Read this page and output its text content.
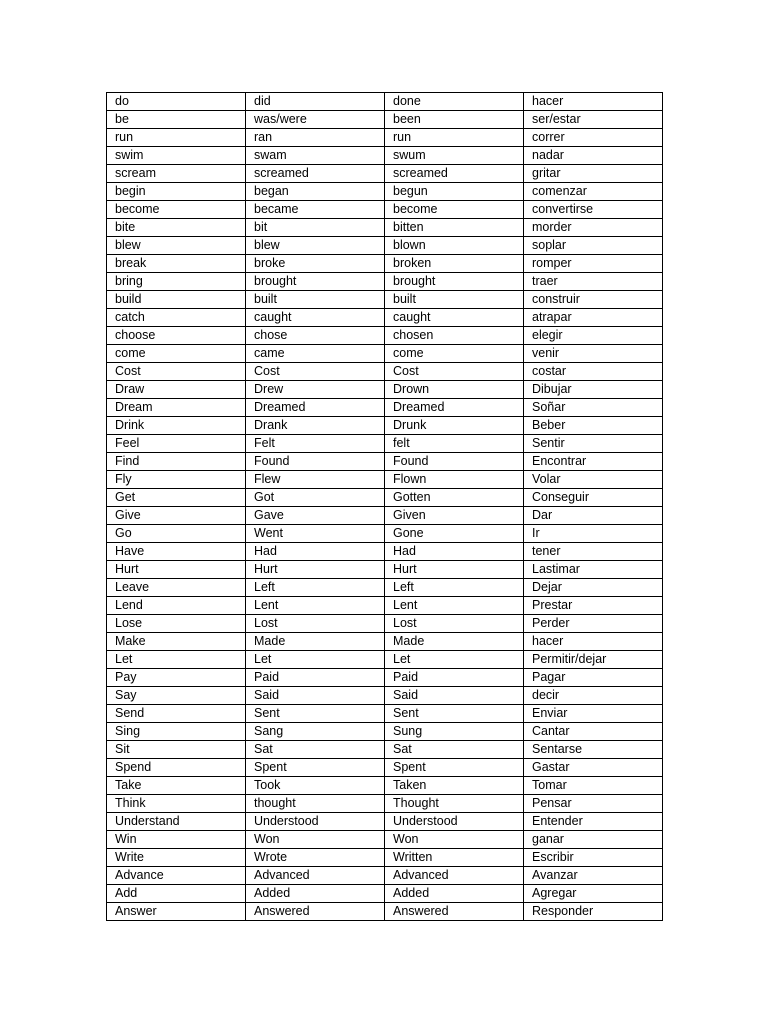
do	did	done	hacer
be	was/were	been	ser/estar
run	ran	run	correr
swim	swam	swum	nadar
scream	screamed	screamed	gritar
begin	began	begun	comenzar
become	became	become	convertirse
bite	bit	bitten	morder
blew	blew	blown	soplar
break	broke	broken	romper
bring	brought	brought	traer
build	built	built	construir
catch	caught	caught	atrapar
choose	chose	chosen	elegir
come	came	come	venir
Cost	Cost	Cost	costar
Draw	Drew	Drown	Dibujar
Dream	Dreamed	Dreamed	Soñar
Drink	Drank	Drunk	Beber
Feel	Felt	felt	Sentir
Find	Found	Found	Encontrar
Fly	Flew	Flown	Volar
Get	Got	Gotten	Conseguir
Give	Gave	Given	Dar
Go	Went	Gone	Ir
Have	Had	Had	tener
Hurt	Hurt	Hurt	Lastimar
Leave	Left	Left	Dejar
Lend	Lent	Lent	Prestar
Lose	Lost	Lost	Perder
Make	Made	Made	hacer
Let	Let	Let	Permitir/dejar
Pay	Paid	Paid	Pagar
Say	Said	Said	decir
Send	Sent	Sent	Enviar
Sing	Sang	Sung	Cantar
Sit	Sat	Sat	Sentarse
Spend	Spent	Spent	Gastar
Take	Took	Taken	Tomar
Think	thought	Thought	Pensar
Understand	Understood	Understood	Entender
Win	Won	Won	ganar
Write	Wrote	Written	Escribir
Advance	Advanced	Advanced	Avanzar
Add	Added	Added	Agregar
Answer	Answered	Answered	Responder
